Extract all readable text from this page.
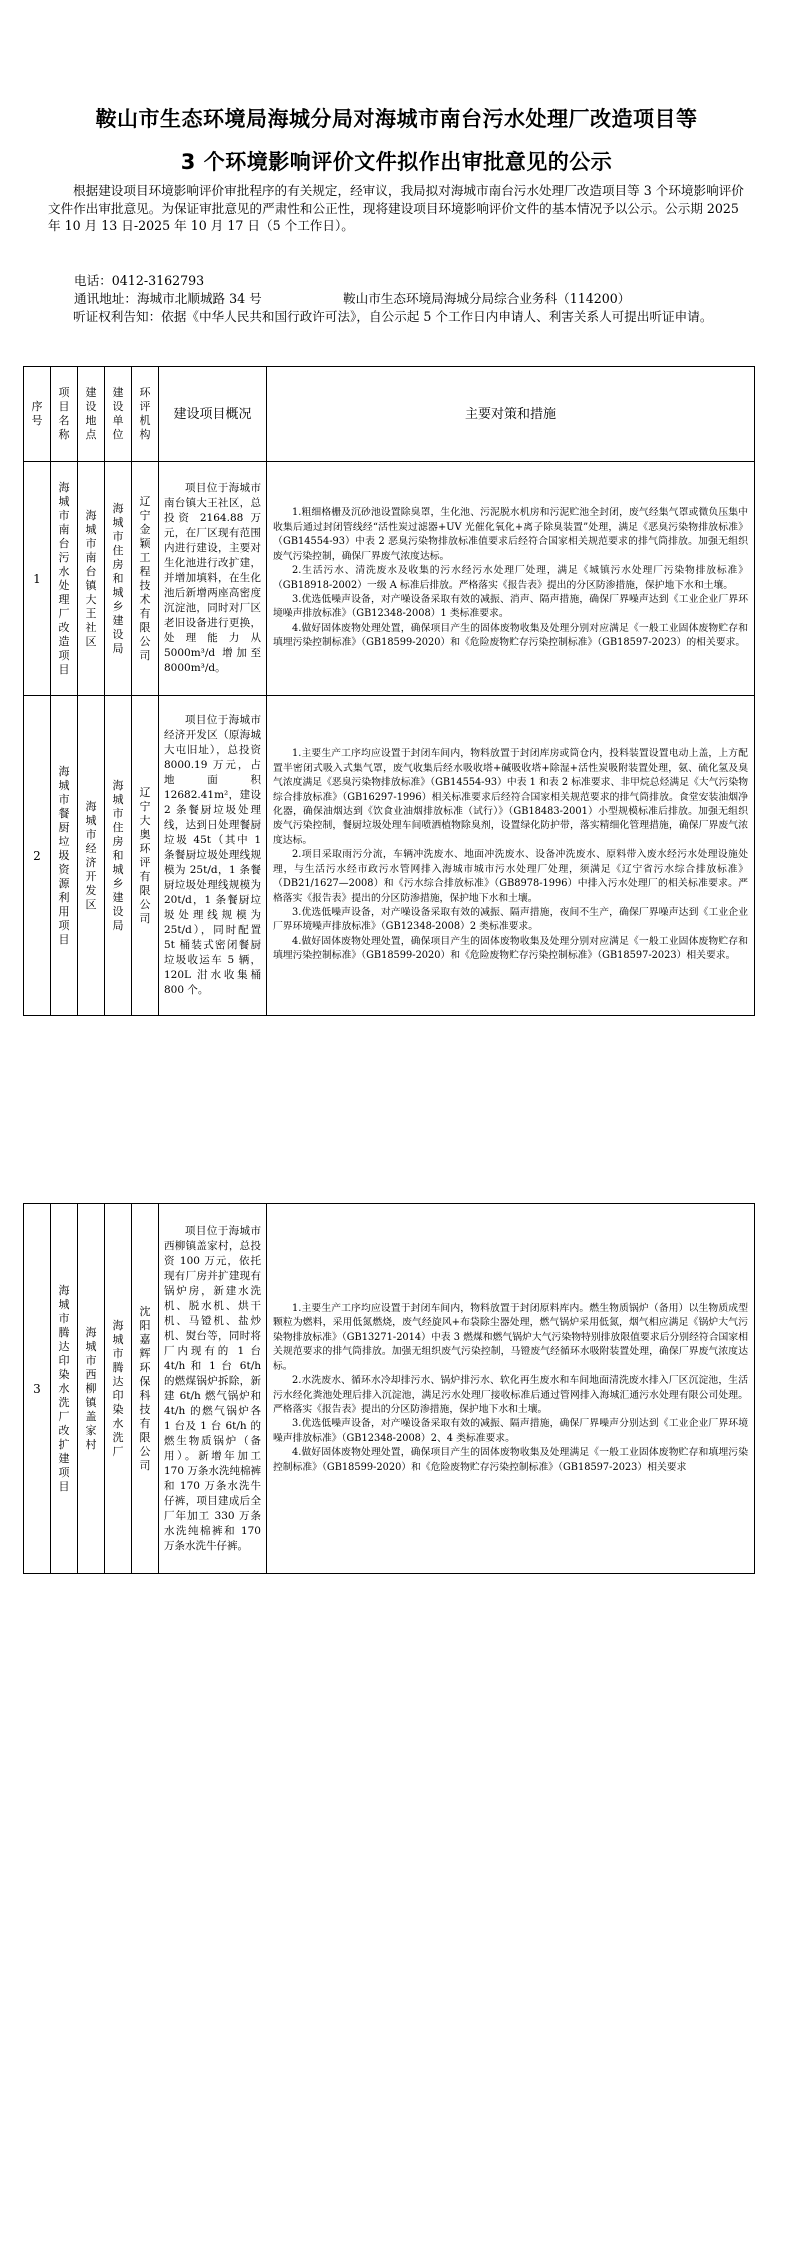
鞍山市生态环境局海城分局对海城市南台污水处理厂改造项目等
3 个环境影响评价文件拟作出审批意见的公示
根据建设项目环境影响评价审批程序的有关规定，经审议，我局拟对海城市南台污水处理厂改造项目等 3 个环境影响评价文件作出审批意见。为保证审批意见的严肃性和公正性，现将建设项目环境影响评价文件的基本情况予以公示。公示期 2025 年 10 月 13 日-2025 年 10 月 17 日（5 个工作日）。
电话：0412-3162793
通讯地址：海城市北顺城路 34 号	鞍山市生态环境局海城分局综合业务科（114200）
听证权利告知：依据《中华人民共和国行政许可法》，自公示起 5 个工作日内申请人、利害关系人可提出听证申请。
序号	项目名称	建设地点	建设单位	环评机构	建设项目概况	主要对策和措施
1	海城市南台污水处理厂改造项目	海城市南台镇大王社区	海城市住房和城乡建设局	辽宁金颖工程技术有限公司	项目位于海城市南台镇大王社区，总投资 2164.88 万元，在厂区现有范围内进行建设，主要对生化池进行改扩建，并增加填料，在生化池后新增两座高密度沉淀池，同时对厂区老旧设备进行更换，处理能力从 5000m³/d 增加至 8000m³/d。	1.粗细格栅及沉砂池设置除臭罩，生化池、污泥脱水机房和污泥贮池全封闭，废气经集气罩或微负压集中收集后通过封闭管线经“活性炭过滤器+UV 光催化氧化+离子除臭装置”处理，满足《恶臭污染物排放标准》（GB14554-93）中表 2 恶臭污染物排放标准值要求后经符合国家相关规范要求的排气筒排放。加强无组织废气污染控制，确保厂界废气浓度达标。

2.生活污水、清洗废水及收集的污水经污水处理厂处理，满足《城镇污水处理厂污染物排放标准》（GB18918-2002）一级 A 标准后排放。严格落实《报告表》提出的分区防渗措施，保护地下水和土壤。

3.优选低噪声设备，对产噪设备采取有效的减振、消声、隔声措施，确保厂界噪声达到《工业企业厂界环境噪声排放标准》（GB12348-2008）1 类标准要求。

4.做好固体废物处理处置，确保项目产生的固体废物收集及处理分别对应满足《一般工业固体废物贮存和填埋污染控制标准》（GB18599-2020）和《危险废物贮存污染控制标准》（GB18597-2023）的相关要求。

2	海城市餐厨垃圾资源利用项目	海城市经济开发区	海城市住房和城乡建设局	辽宁大奥环评有限公司	项目位于海城市经济开发区（原海城大屯旧址），总投资 8000.19 万元，占地面积 12682.41m²，建设 2 条餐厨垃圾处理线，达到日处理餐厨垃圾 45t（其中 1 条餐厨垃圾处理线规模为 25t/d，1 条餐厨垃圾处理线规模为 20t/d，1 条餐厨垃圾处理线规模为 25t/d），同时配置 5t 桶装式密闭餐厨垃圾收运车 5 辆，120L 泔水收集桶 800 个。	1.主要生产工序均应设置于封闭车间内，物料放置于封闭库房或筒仓内，投料装置设置电动上盖，上方配置半密闭式吸入式集气罩，废气收集后经水吸收塔+碱吸收塔+除湿+活性炭吸附装置处理，氨、硫化氢及臭气浓度满足《恶臭污染物排放标准》（GB14554-93）中表 1 和表 2 标准要求、非甲烷总烃满足《大气污染物综合排放标准》（GB16297-1996）相关标准要求后经符合国家相关规范要求的排气筒排放。食堂安装油烟净化器，确保油烟达到《饮食业油烟排放标准（试行）》（GB18483-2001）小型规模标准后排放。加强无组织废气污染控制，餐厨垃圾处理车间喷洒植物除臭剂，设置绿化防护带，落实精细化管理措施，确保厂界废气浓度达标。

2.项目采取雨污分流，车辆冲洗废水、地面冲洗废水、设备冲洗废水、原料带入废水经污水处理设施处理，与生活污水经市政污水管网排入海城市城市污水处理厂处理，须满足《辽宁省污水综合排放标准》（DB21/1627—2008）和《污水综合排放标准》（GB8978-1996）中排入污水处理厂的相关标准要求。严格落实《报告表》提出的分区防渗措施，保护地下水和土壤。

3.优选低噪声设备，对产噪设备采取有效的减振、隔声措施，夜间不生产，确保厂界噪声达到《工业企业厂界环境噪声排放标准》（GB12348-2008）2 类标准要求。

4.做好固体废物处理处置，确保项目产生的固体废物收集及处理分别对应满足《一般工业固体废物贮存和填埋污染控制标准》（GB18599-2020）和《危险废物贮存污染控制标准》（GB18597-2023）相关要求。

3	海城市腾达印染水洗厂改扩建项目	海城市西柳镇盖家村	海城市腾达印染水洗厂	沈阳嘉辉环保科技有限公司	项目位于海城市西柳镇盖家村，总投资 100 万元，依托现有厂房并扩建现有锅炉房，新建水洗机、脱水机、烘干机、马镫机、盐炒机、熨台等，同时将厂内现有的 1 台 4t/h 和 1 台 6t/h 的燃煤锅炉拆除，新建 6t/h 燃气锅炉和 4t/h 的燃气锅炉各 1 台及 1 台 6t/h 的燃生物质锅炉（备用）。新增年加工 170 万条水洗纯棉裤和 170 万条水洗牛仔裤，项目建成后全厂年加工 330 万条水洗纯棉裤和 170 万条水洗牛仔裤。	

1.主要生产工序均应设置于封闭车间内，物料放置于封闭原料库内。燃生物质锅炉（备用）以生物质成型颗粒为燃料，采用低氮燃烧，废气经旋风+布袋除尘器处理，燃气锅炉采用低氮，烟气相应满足《锅炉大气污染物排放标准》（GB13271-2014）中表 3 燃煤和燃气锅炉大气污染物特别排放限值要求后分别经符合国家相关规范要求的排气筒排放。加强无组织废气污染控制，马镫废气经循环水吸附装置处理，确保厂界废气浓度达标。

2.水洗废水、循环水冷却排污水、锅炉排污水、软化再生废水和车间地面清洗废水排入厂区沉淀池，生活污水经化粪池处理后排入沉淀池，满足污水处理厂接收标准后通过管网排入海城汇通污水处理有限公司处理。严格落实《报告表》提出的分区防渗措施，保护地下水和土壤。

3.优选低噪声设备，对产噪设备采取有效的减振、隔声措施，确保厂界噪声分别达到《工业企业厂界环境噪声排放标准》（GB12348-2008）2、4 类标准要求。

4.做好固体废物处理处置，确保项目产生的固体废物收集及处理满足《一般工业固体废物贮存和填埋污染控制标准》（GB18599-2020）和《危险废物贮存污染控制标准》（GB18597-2023）相关要求
